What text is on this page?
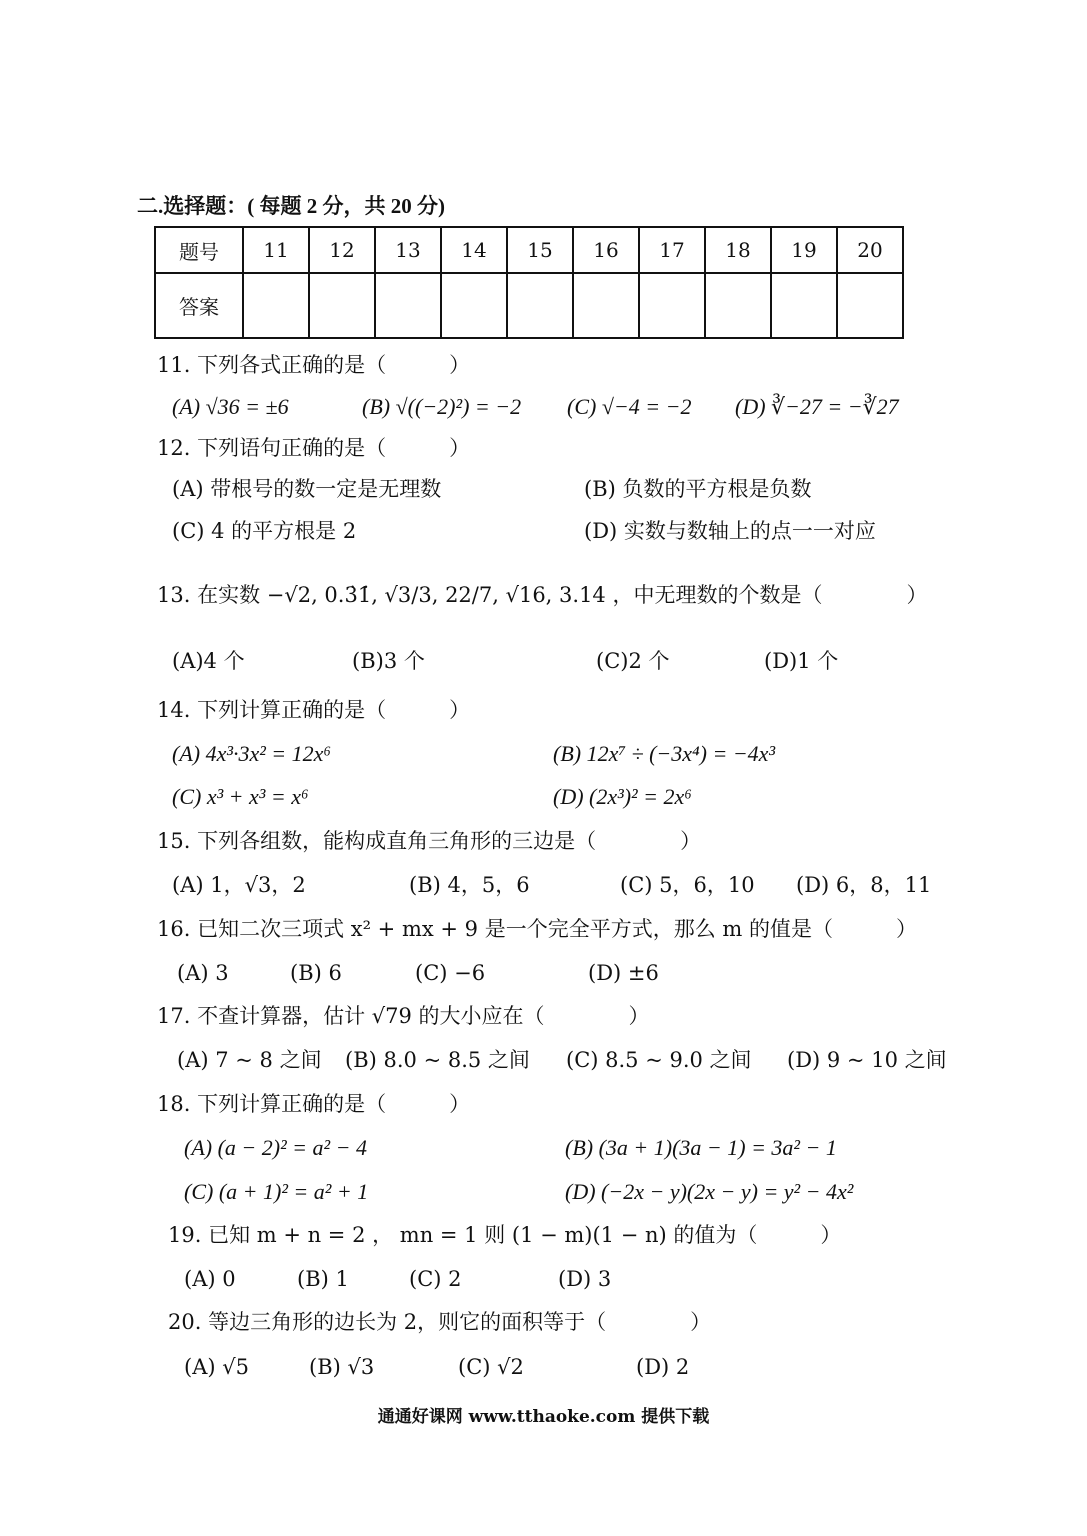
二.选择题：( 每题 2 分，共 20 分)
题号	11	12	13	14	15	16	17	18	19	20
答案										
11. 下列各式正确的是（　　　）
(A) √36 = ±6	(B) √((−2)²) = −2 (C) √−4 = −2 (D) ∛−27 = −∛27
12. 下列语句正确的是（　　　）
(A) 带根号的数一定是无理数	(B) 负数的平方根是负数
(C) 4 的平方根是 2	(D) 实数与数轴上的点一一对应
13. 在实数 −√2, 0.3̇1̇, √3/3, 22/7, √16, 3.14 ，中无理数的个数是（　　　　）
(A)4 个	(B)3 个	(C)2 个	(D)1 个
14. 下列计算正确的是（　　　）
(A) 4x³·3x² = 12x⁶	(B) 12x⁷ ÷ (−3x⁴) = −4x³
(C) x³ + x³ = x⁶	(D) (2x³)² = 2x⁶
15. 下列各组数，能构成直角三角形的三边是（　　　　）
(A) 1，√3，2	(B) 4，5，6	(C) 5，6，10 (D) 6，8，11
16. 已知二次三项式 x² + mx + 9 是一个完全平方式，那么 m 的值是（　　　）
(A) 3	(B) 6	(C) −6	(D) ±6
17. 不查计算器，估计 √79 的大小应在（　　　　）
(A) 7 ~ 8 之间 (B) 8.0 ~ 8.5 之间 (C) 8.5 ~ 9.0 之间 (D) 9 ~ 10 之间
18. 下列计算正确的是（　　　）
(A) (a − 2)² = a² − 4	(B) (3a + 1)(3a − 1) = 3a² − 1
(C) (a + 1)² = a² + 1	(D) (−2x − y)(2x − y) = y² − 4x²
19. 已知 m + n = 2 ， mn = 1 则 (1 − m)(1 − n) 的值为（　　　）
(A) 0	(B) 1	(C) 2	(D) 3
20. 等边三角形的边长为 2，则它的面积等于（　　　　）
(A) √5	(B) √3	(C) √2	(D) 2
通通好课网 www.tthaoke.com 提供下载
